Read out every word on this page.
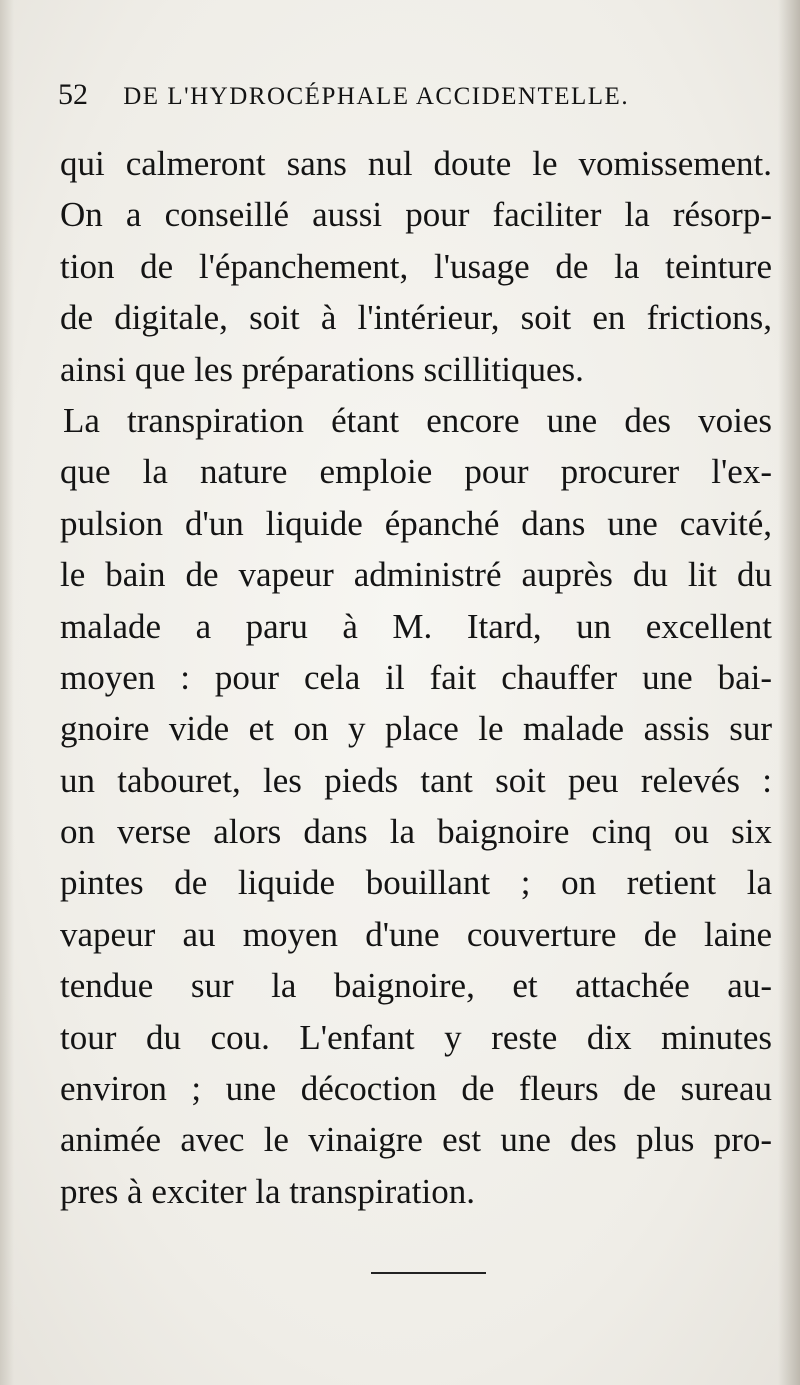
52 DE L'HYDROCÉPHALE ACCIDENTELLE.
qui calmeront sans nul doute le vomissement.
On a conseillé aussi pour faciliter la résorp-
tion de l'épanchement, l'usage de la teinture
de digitale, soit à l'intérieur, soit en frictions,
ainsi que les préparations scillitiques.
La transpiration étant encore une des voies
que la nature emploie pour procurer l'ex-
pulsion d'un liquide épanché dans une cavité,
le bain de vapeur administré auprès du lit du
malade a paru à M. Itard, un excellent
moyen : pour cela il fait chauffer une bai-
gnoire vide et on y place le malade assis sur
un tabouret, les pieds tant soit peu relevés :
on verse alors dans la baignoire cinq ou six
pintes de liquide bouillant ; on retient la
vapeur au moyen d'une couverture de laine
tendue sur la baignoire, et attachée au-
tour du cou. L'enfant y reste dix minutes
environ ; une décoction de fleurs de sureau
animée avec le vinaigre est une des plus pro-
pres à exciter la transpiration.
